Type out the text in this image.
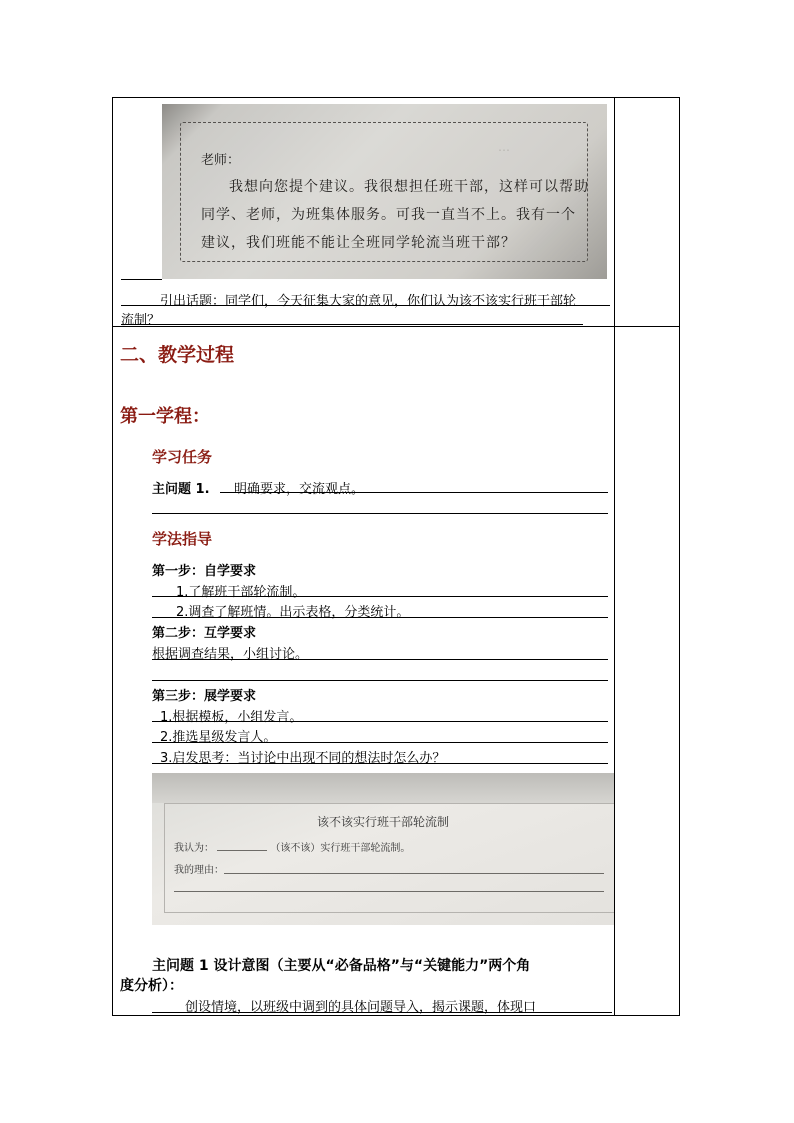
…
老师：
我想向您提个建议。我很想担任班干部，这样可以帮助同学、老师，为班集体服务。可我一直当不上。我有一个建议，我们班能不能让全班同学轮流当班干部？
引出话题：同学们，今天征集大家的意见，你们认为该不该实行班干部轮
流制？
二、教学过程
第一学程：
学习任务
主问题 1. 明确要求，交流观点。
学法指导
第一步：自学要求
1.了解班干部轮流制。
2.调查了解班情。出示表格，分类统计。
第二步：互学要求
根据调查结果，小组讨论。
第三步：展学要求
1.根据模板，小组发言。
2.推选星级发言人。
3.启发思考：当讨论中出现不同的想法时怎么办？
该不该实行班干部轮流制
我认为：	（该不该）实行班干部轮流制。
我的理由：
主问题 1 设计意图（主要从“必备品格”与“关键能力”两个角
度分析）：
创设情境，以班级中调到的具体问题导入，揭示课题，体现口
